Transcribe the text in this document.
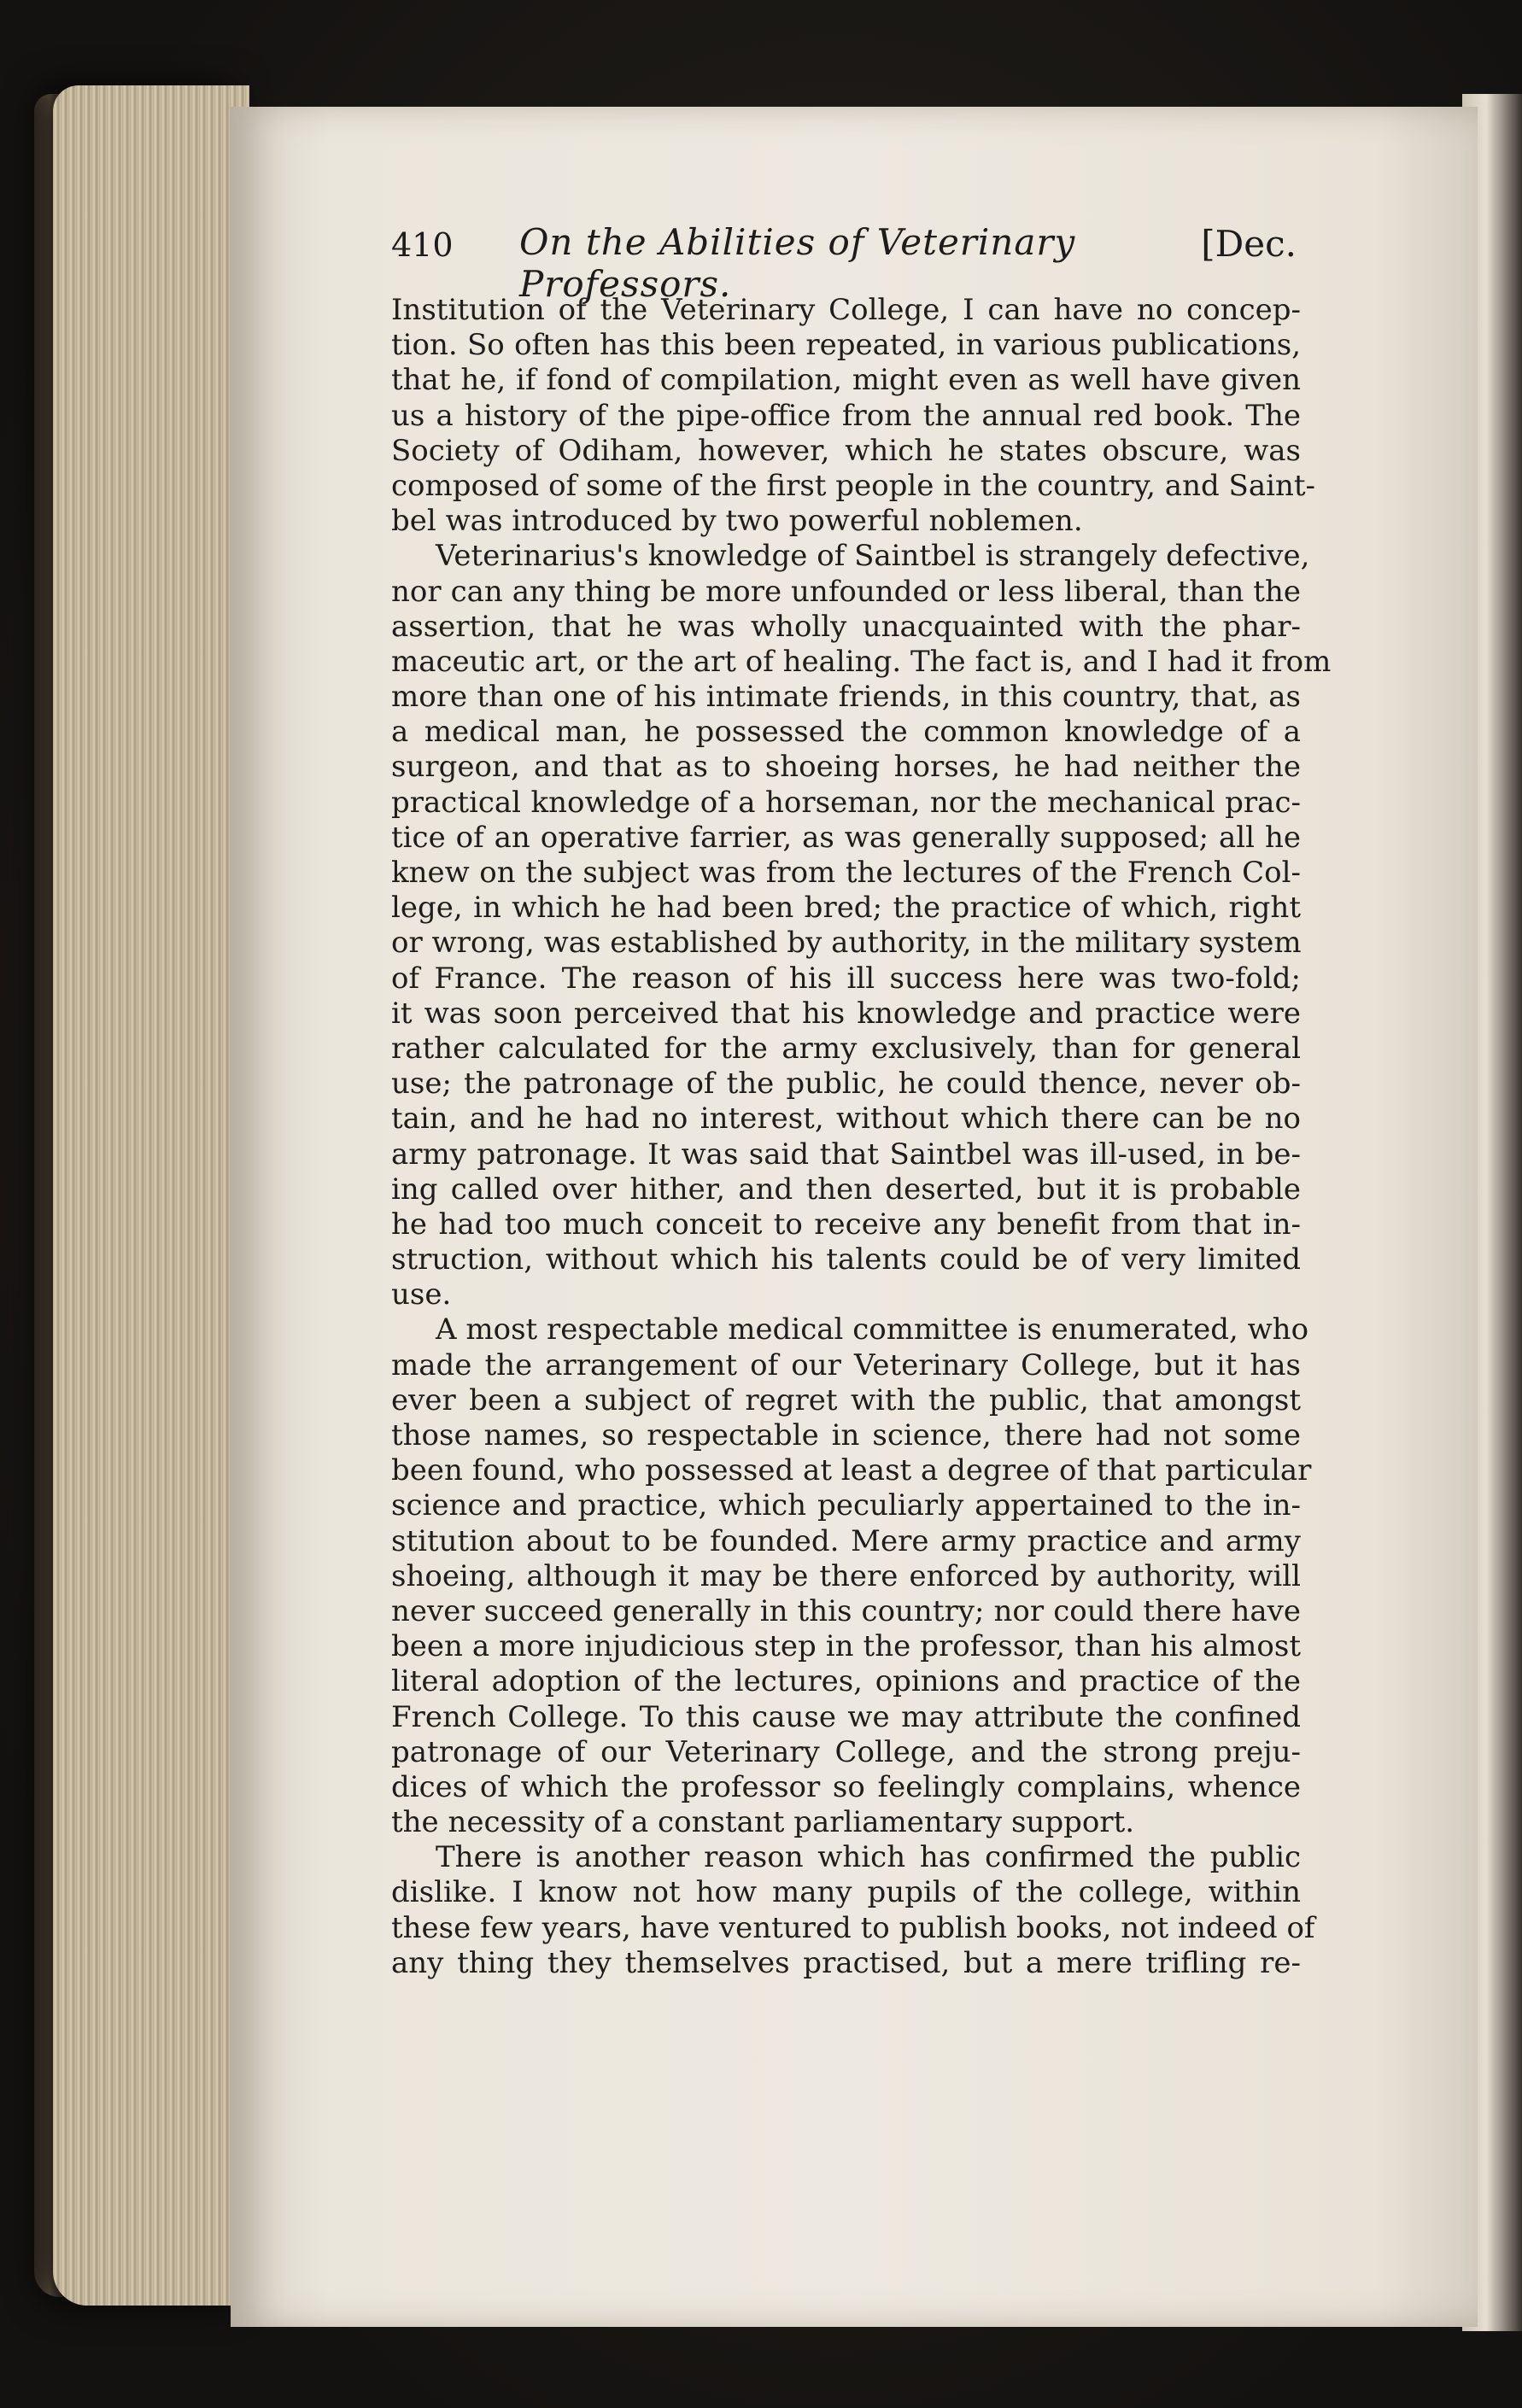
410 On the Abilities of Veterinary Professors.
[Dec.
Institution of the Veterinary College, I can have no concep-
tion. So often has this been repeated, in various publications,
that he, if fond of compilation, might even as well have given
us a history of the pipe-office from the annual red book. The
Society of Odiham, however, which he states obscure, was
composed of some of the first people in the country, and Saint-
bel was introduced by two powerful noblemen.
Veterinarius's knowledge of Saintbel is strangely defective,
nor can any thing be more unfounded or less liberal, than the
assertion, that he was wholly unacquainted with the phar-
maceutic art, or the art of healing. The fact is, and I had it from
more than one of his intimate friends, in this country, that, as
a medical man, he possessed the common knowledge of a
surgeon, and that as to shoeing horses, he had neither the
practical knowledge of a horseman, nor the mechanical prac-
tice of an operative farrier, as was generally supposed; all he
knew on the subject was from the lectures of the French Col-
lege, in which he had been bred; the practice of which, right
or wrong, was established by authority, in the military system
of France. The reason of his ill success here was two-fold;
it was soon perceived that his knowledge and practice were
rather calculated for the army exclusively, than for general
use; the patronage of the public, he could thence, never ob-
tain, and he had no interest, without which there can be no
army patronage. It was said that Saintbel was ill-used, in be-
ing called over hither, and then deserted, but it is probable
he had too much conceit to receive any benefit from that in-
struction, without which his talents could be of very limited
use.
A most respectable medical committee is enumerated, who
made the arrangement of our Veterinary College, but it has
ever been a subject of regret with the public, that amongst
those names, so respectable in science, there had not some
been found, who possessed at least a degree of that particular
science and practice, which peculiarly appertained to the in-
stitution about to be founded. Mere army practice and army
shoeing, although it may be there enforced by authority, will
never succeed generally in this country; nor could there have
been a more injudicious step in the professor, than his almost
literal adoption of the lectures, opinions and practice of the
French College. To this cause we may attribute the confined
patronage of our Veterinary College, and the strong preju-
dices of which the professor so feelingly complains, whence
the necessity of a constant parliamentary support.
There is another reason which has confirmed the public
dislike. I know not how many pupils of the college, within
these few years, have ventured to publish books, not indeed of
any thing they themselves practised, but a mere trifling re-
